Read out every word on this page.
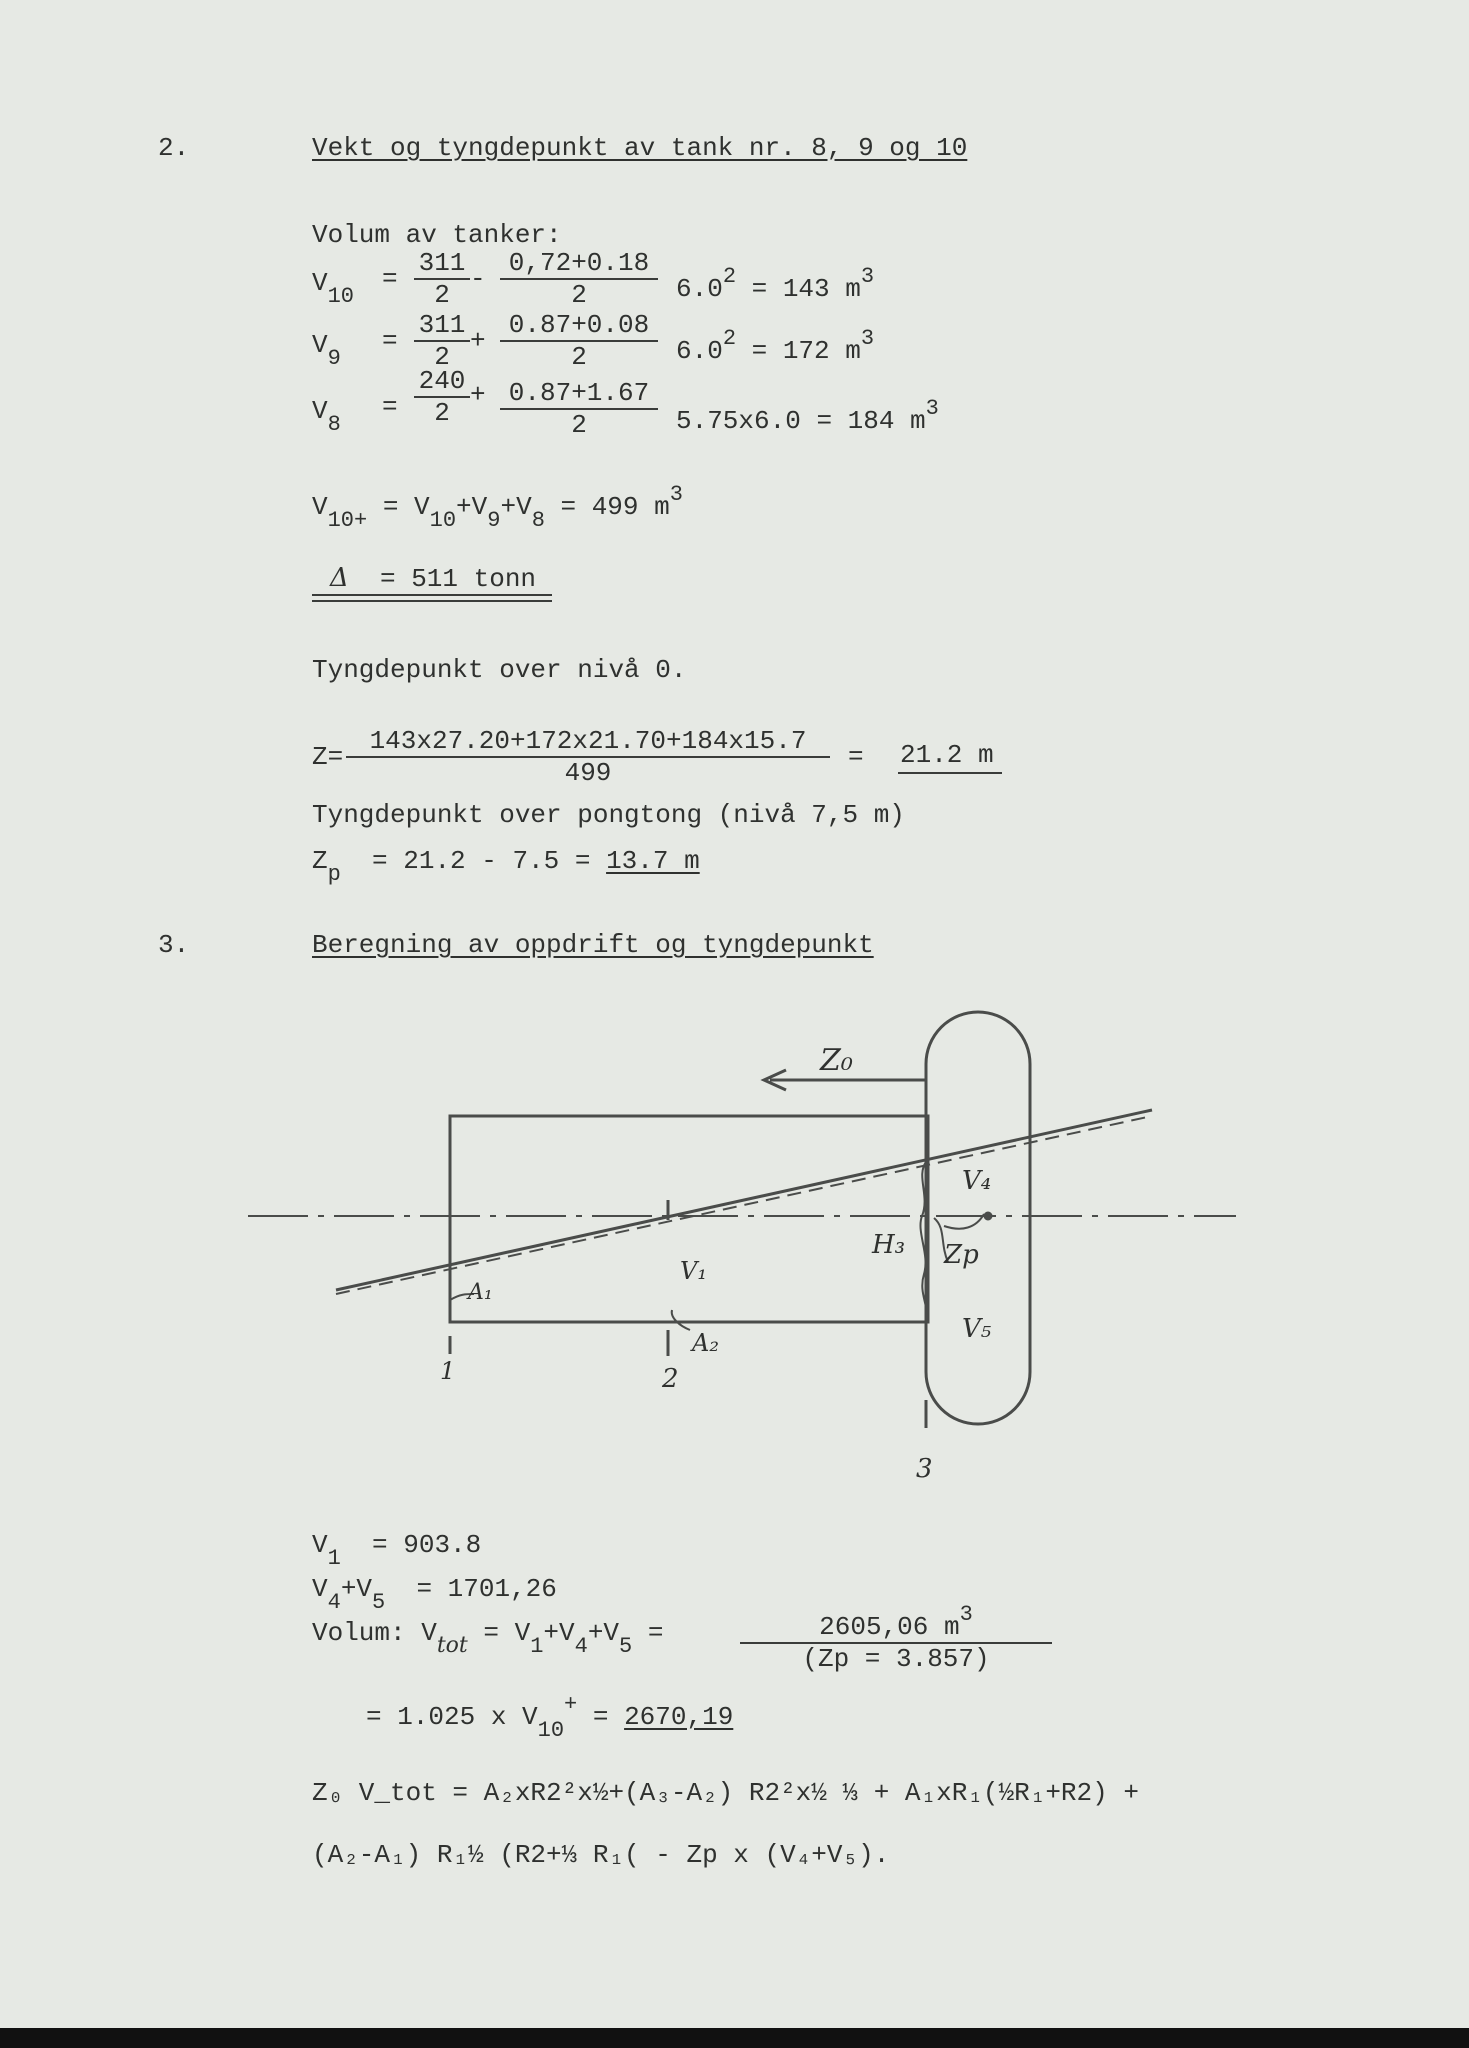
2.	Vekt og tyngdepunkt av tank nr. 8, 9 og 10
Volum av tanker:
$V_{10}$
= $\frac{311}{2} - \frac{0,72+0.18}{2} 6.0^2 = 143$ $m^3$
$V_9$
= $\frac{311}{2} + \frac{0.87+0.08}{2} 6.0^2 = 172$ $m^3$
$V_8$
= $\frac{240}{2} + \frac{0.87+1.67}{2} 5.75x6.0 = 184$ $m^3$
$V_{10+} = V_{10}+V_9+V_8 = 499$ $m^3$
Δ = 511 tonn
Tyngdepunkt over nivå 0.
$Z= \frac{143x27.20+172x21.70+184x15.7}{499} = 21.2$ m
Tyngdepunkt over pongtong (nivå 7,5 m)
$Z_p = 21.2 - 7.5 = 13.7$ m
3.	Beregning av oppdrift og tyngdepunkt
Z₀
V₄
H₃ Zp
V₅
V₁
A₁
A₂
1	2
3
$V_1 = 903.8$
$V_4+V_5 = 1701,26$
Volum: $V_{tot} = V_1+V_4+V_5$ =	$\frac{2605,06 m^3}{(Zp = 3.857)}$
= 1.025 x $V_{10}^+ = 2670,19$
Z₀ V_tot = A₂xR2²x½+(A₃-A₂) R2²x½ ⅓ + A₁xR₁(½R₁+R2) +
(A₂-A₁) R₁½ (R2+⅓ R₁( - Zp x (V₄+V₅).
